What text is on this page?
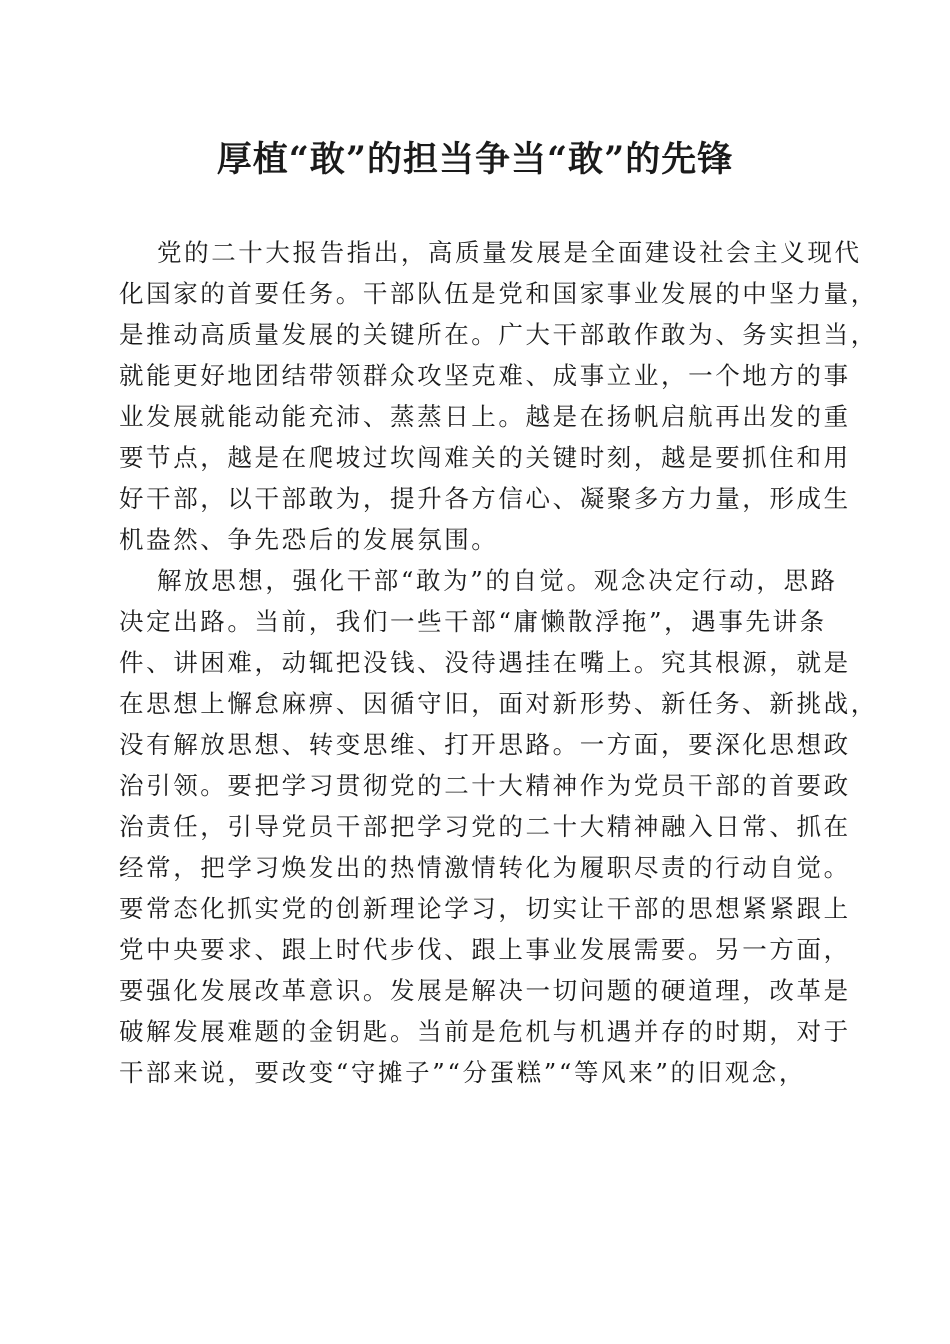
厚植“敢”的担当争当“敢”的先锋
党的二十大报告指出，高质量发展是全面建设社会主义现代
化国家的首要任务。干部队伍是党和国家事业发展的中坚力量，
是推动高质量发展的关键所在。广大干部敢作敢为、务实担当，
就能更好地团结带领群众攻坚克难、成事立业，一个地方的事
业发展就能动能充沛、蒸蒸日上。越是在扬帆启航再出发的重
要节点，越是在爬坡过坎闯难关的关键时刻，越是要抓住和用
好干部，以干部敢为，提升各方信心、凝聚多方力量，形成生
机盎然、争先恐后的发展氛围。
解放思想，强化干部“敢为”的自觉。观念决定行动，思路
决定出路。当前，我们一些干部“庸懒散浮拖”，遇事先讲条
件、讲困难，动辄把没钱、没待遇挂在嘴上。究其根源，就是
在思想上懈怠麻痹、因循守旧，面对新形势、新任务、新挑战，
没有解放思想、转变思维、打开思路。一方面，要深化思想政
治引领。要把学习贯彻党的二十大精神作为党员干部的首要政
治责任，引导党员干部把学习党的二十大精神融入日常、抓在
经常，把学习焕发出的热情激情转化为履职尽责的行动自觉。
要常态化抓实党的创新理论学习，切实让干部的思想紧紧跟上
党中央要求、跟上时代步伐、跟上事业发展需要。另一方面，
要强化发展改革意识。发展是解决一切问题的硬道理，改革是
破解发展难题的金钥匙。当前是危机与机遇并存的时期，对于
干部来说，要改变“守摊子”“分蛋糕”“等风来”的旧观念，
